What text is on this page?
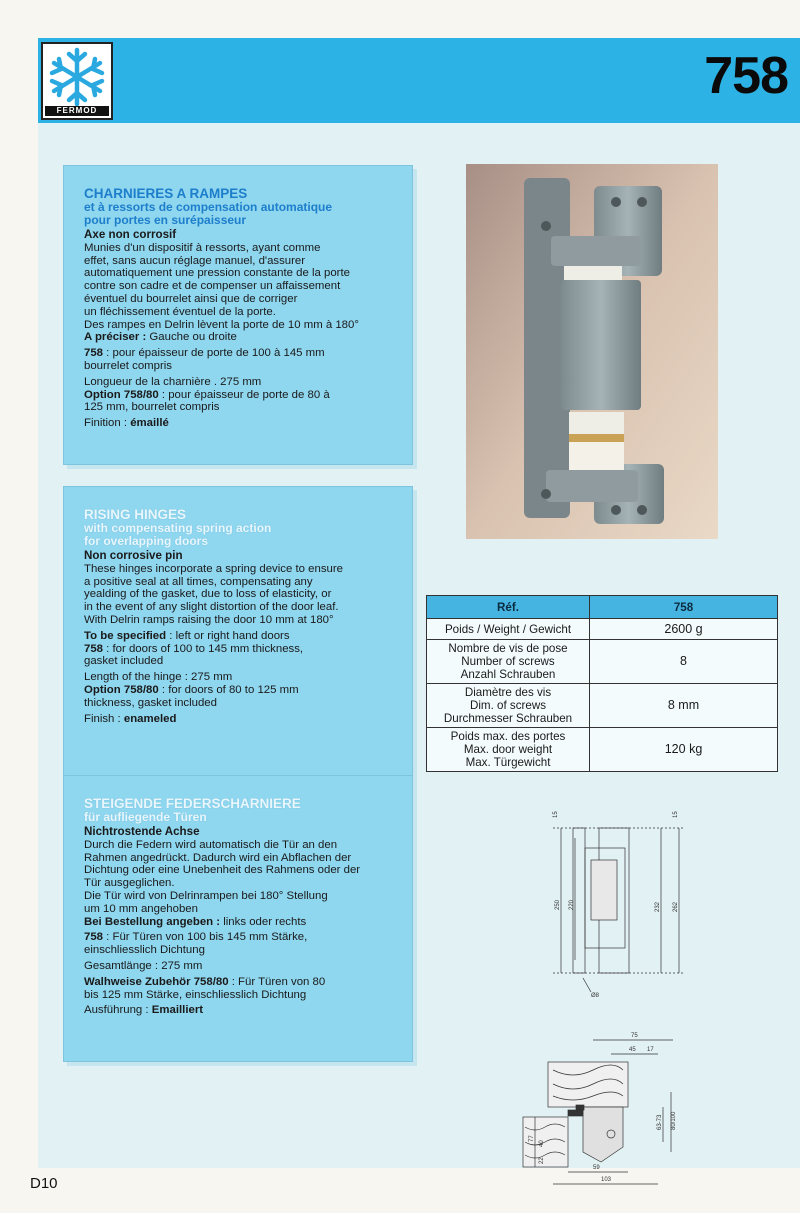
FERMOD
758
CHARNIERES A RAMPES
et à ressorts de compensation automatique
pour portes en surépaisseur

Axe non corrosif

Munies d'un dispositif à ressorts, ayant comme

effet, sans aucun réglage manuel, d'assurer

automatiquement une pression constante de la porte

contre son cadre et de compenser un affaissement

éventuel du bourrelet ainsi que de corriger

un fléchissement éventuel de la porte.

Des rampes en Delrin lèvent la porte de 10 mm à 180°

A préciser : Gauche ou droite

758 : pour épaisseur de porte de 100 à 145 mm

bourrelet compris

Longueur de la charnière . 275 mm

Option 758/80 : pour épaisseur de porte de 80 à

125 mm, bourrelet compris

Finition : émaillé

RISING HINGES
with compensating spring action
for overlapping doors

Non corrosive pin

These hinges incorporate a spring device to ensure

a positive seal at all times, compensating any

yealding of the gasket, due to loss of elasticity, or

in the event of any slight distortion of the door leaf.

With Delrin ramps raising the door 10 mm at 180°

To be specified : left or right hand doors

758 : for doors of 100 to 145 mm thickness,

gasket included

Length of the hinge : 275 mm

Option 758/80 : for doors of 80 to 125 mm

thickness, gasket included

Finish : enameled

STEIGENDE FEDERSCHARNIERE
für aufliegende Türen

Nichtrostende Achse

Durch die Federn wird automatisch die Tür an den

Rahmen angedrückt. Dadurch wird ein Abflachen der

Dichtung oder eine Unebenheit des Rahmens oder der

Tür ausgeglichen.

Die Tür wird von Delrinrampen bei 180° Stellung

um 10 mm angehoben

Bei Bestellung angeben : links oder rechts

758 : Für Türen von 100 bis 145 mm Stärke,

einschliesslich Dichtung

Gesamtlänge : 275 mm

Walhweise Zubehör 758/80 : Für Türen von 80

bis 125 mm Stärke, einschliesslich Dichtung

Ausführung : Emailliert

Réf.	758
Poids / Weight / Gewicht	2600 g

Nombre de vis de pose
Number of screws
Anzahl Schrauben	8

Diamètre des vis
Dim. of screws
Durchmesser Schrauben	8 mm

Poids max. des portes
Max. door weight
Max. Türgewicht	120 kg
15	15
250 220	232 262
Ø8
75
45 17
63-73 80/100
77
40
22
59
103
D10
